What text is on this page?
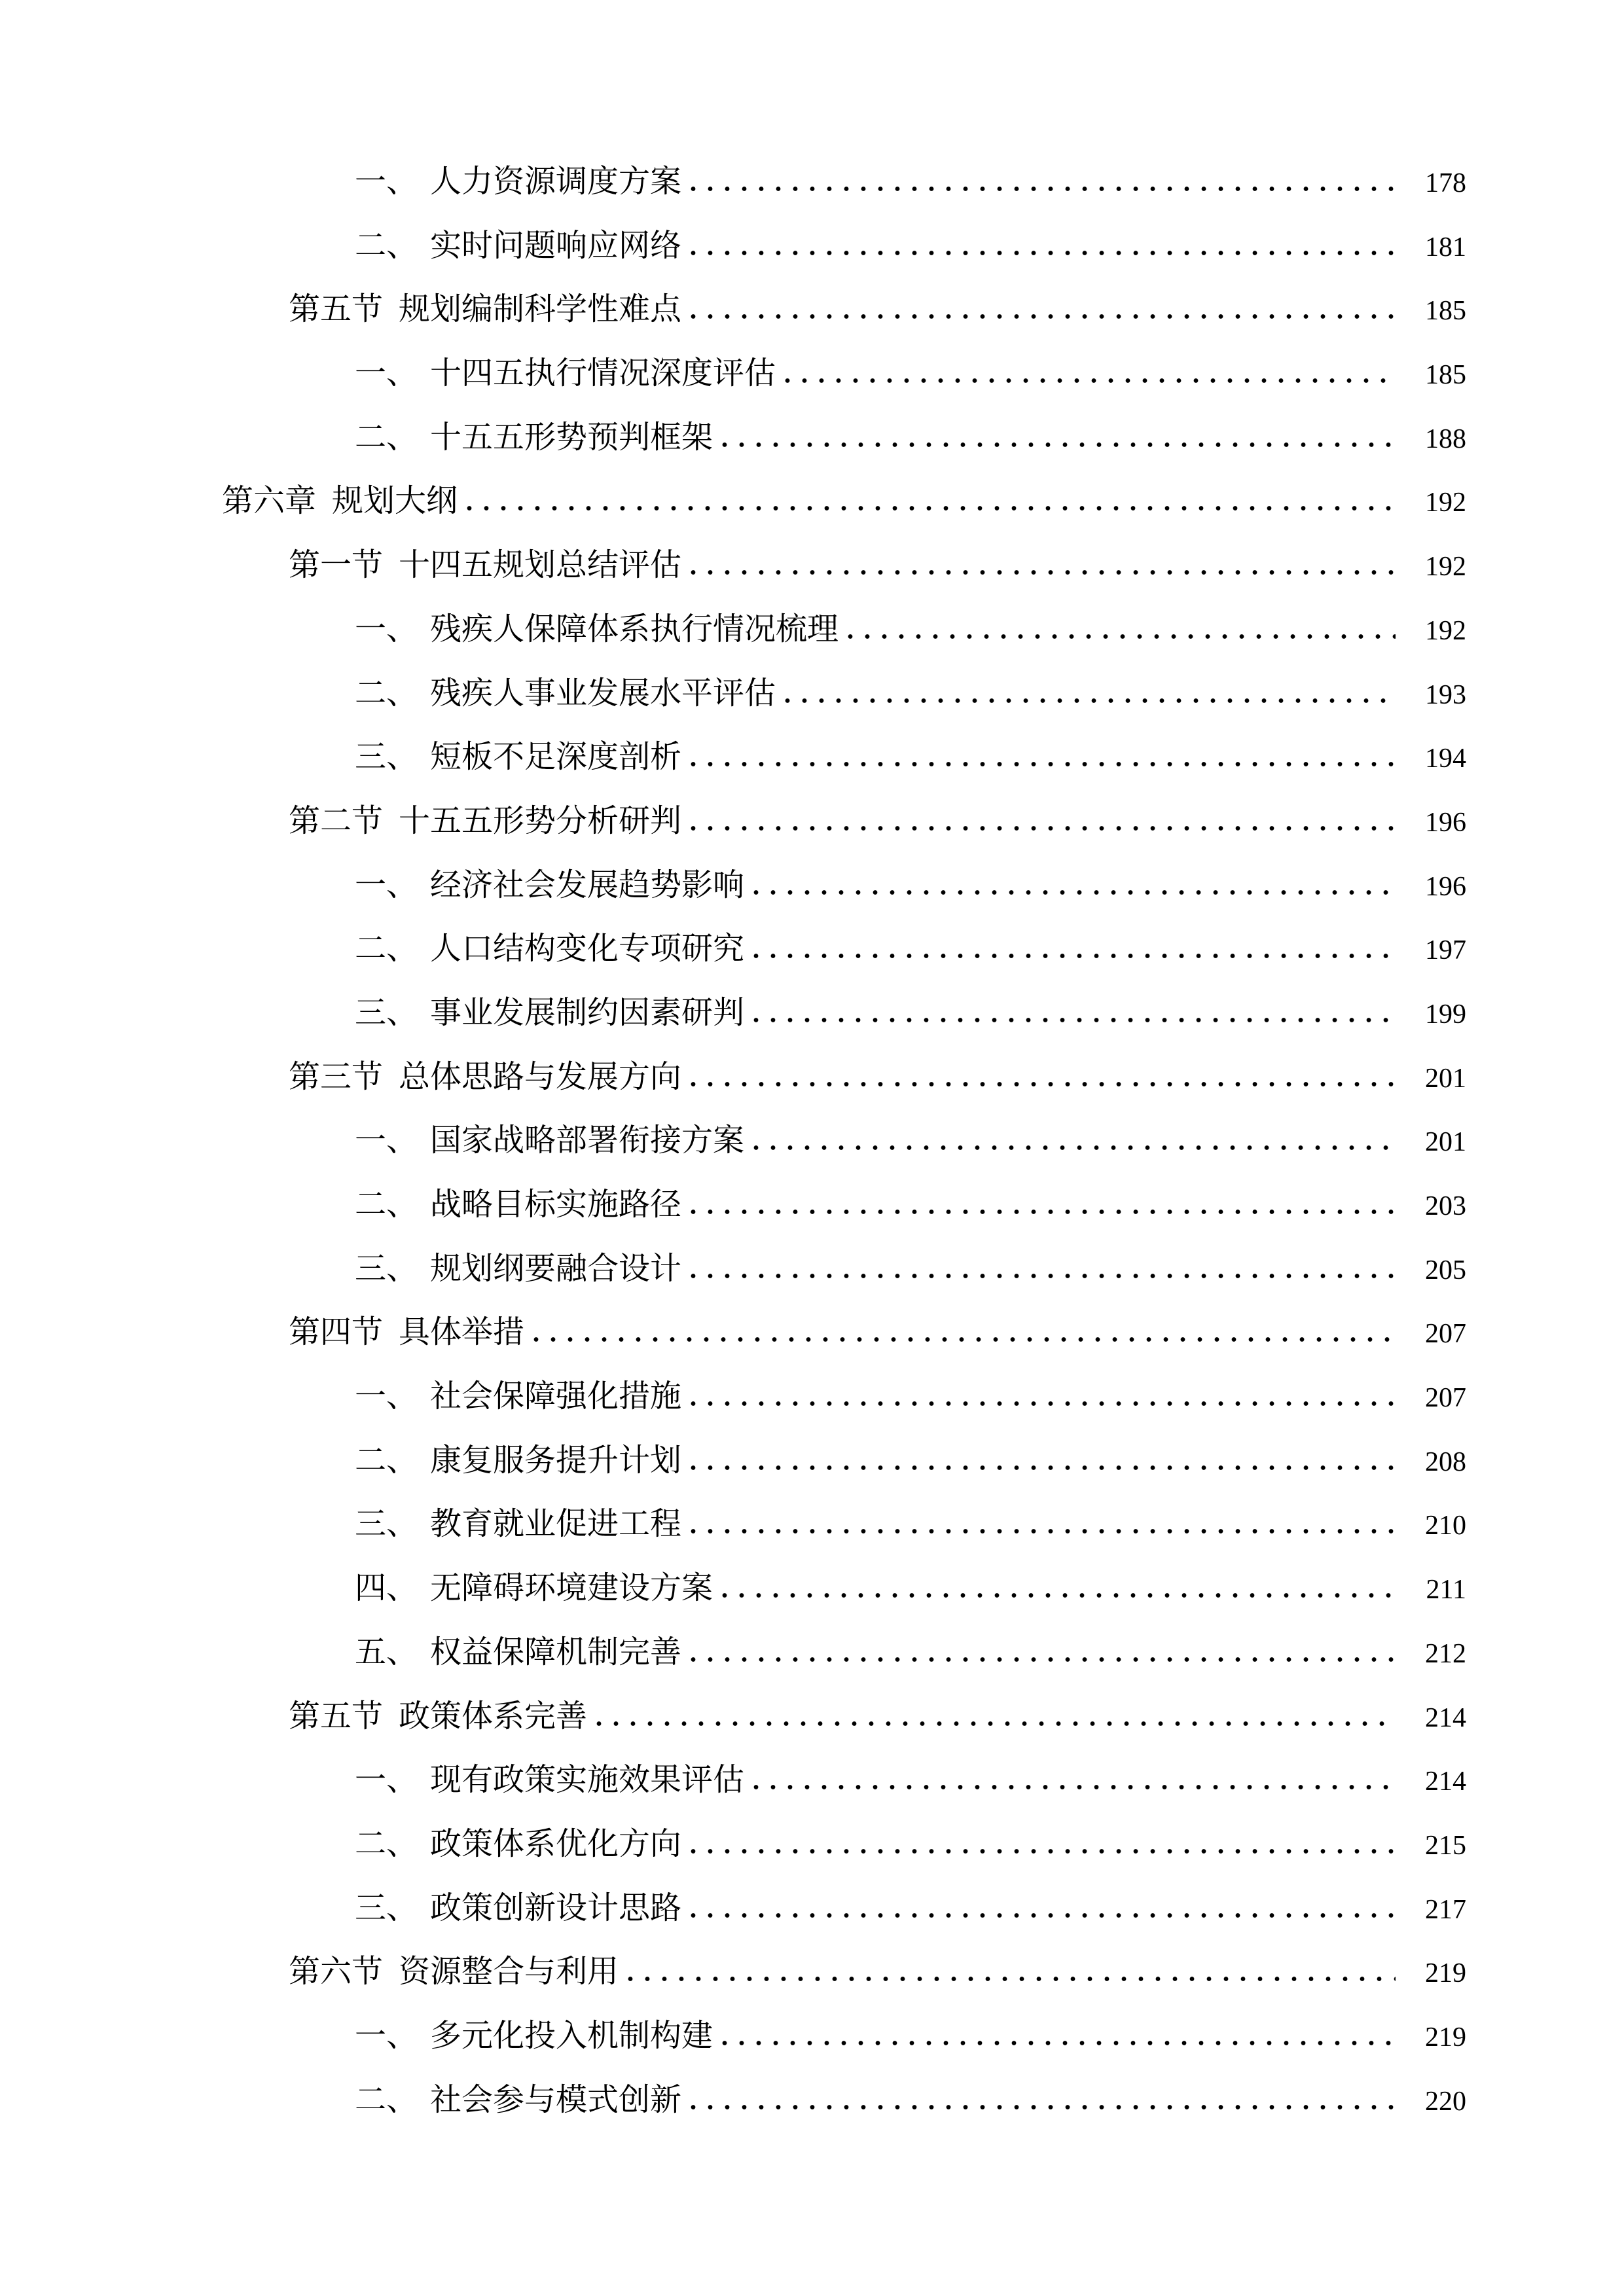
一、 人力资源调度方案	178
二、 实时问题响应网络	181
第五节 规划编制科学性难点	185
一、 十四五执行情况深度评估	185
二、 十五五形势预判框架	188
第六章 规划大纲	192
第一节 十四五规划总结评估	192
一、 残疾人保障体系执行情况梳理	192
二、 残疾人事业发展水平评估	193
三、 短板不足深度剖析	194
第二节 十五五形势分析研判	196
一、 经济社会发展趋势影响	196
二、 人口结构变化专项研究	197
三、 事业发展制约因素研判	199
第三节 总体思路与发展方向	201
一、 国家战略部署衔接方案	201
二、 战略目标实施路径	203
三、 规划纲要融合设计	205
第四节 具体举措	207
一、 社会保障强化措施	207
二、 康复服务提升计划	208
三、 教育就业促进工程	210
四、 无障碍环境建设方案	211
五、 权益保障机制完善	212
第五节 政策体系完善	214
一、 现有政策实施效果评估	214
二、 政策体系优化方向	215
三、 政策创新设计思路	217
第六节 资源整合与利用	219
一、 多元化投入机制构建	219
二、 社会参与模式创新	220
